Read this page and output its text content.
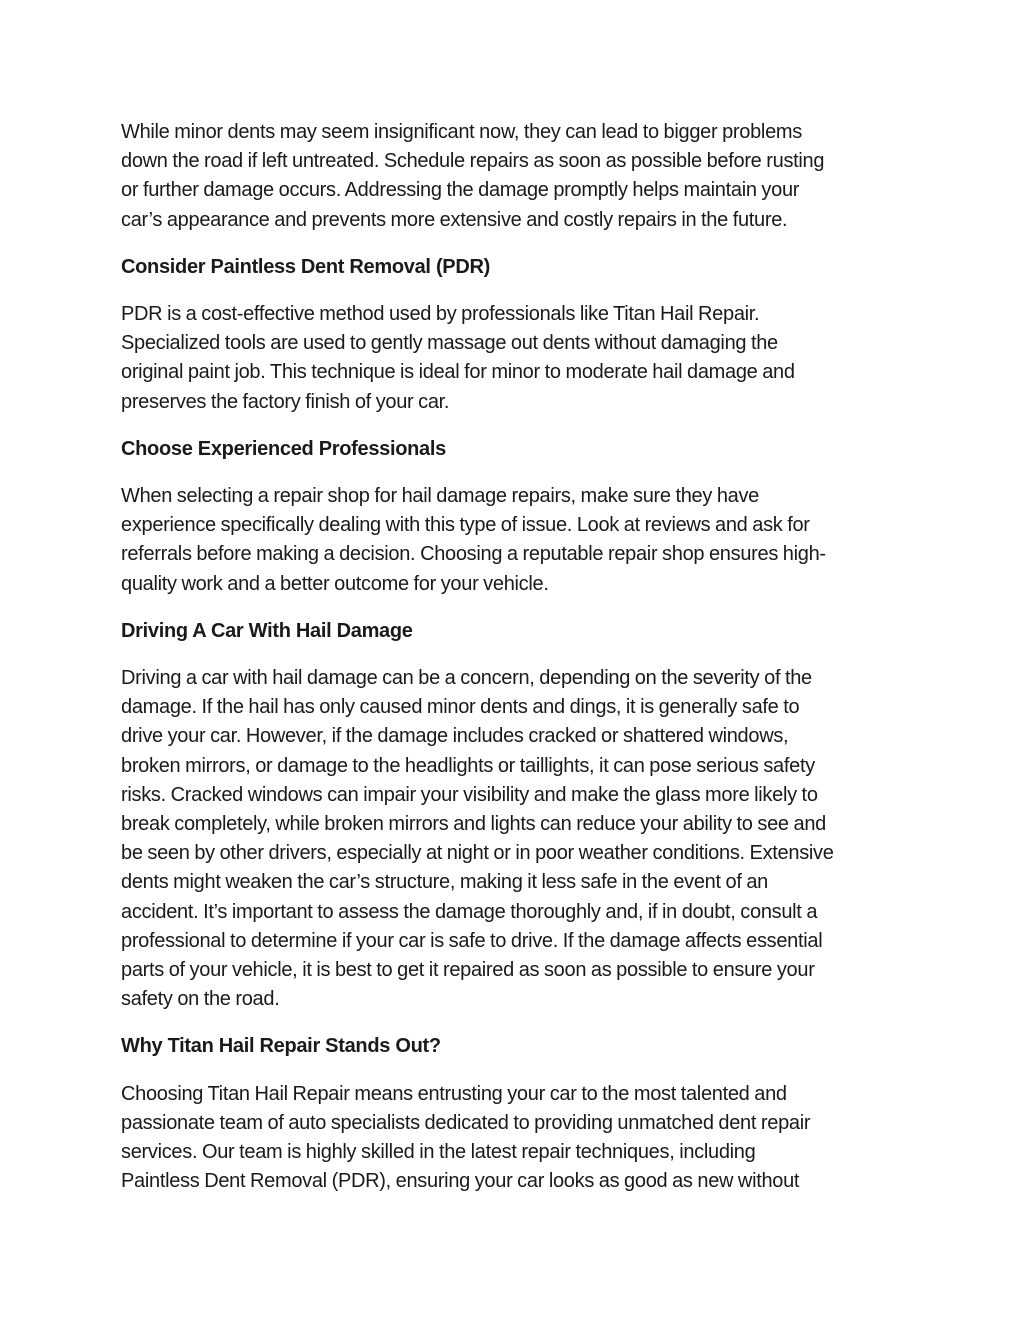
While minor dents may seem insignificant now, they can lead to bigger problems
down the road if left untreated. Schedule repairs as soon as possible before rusting
or further damage occurs. Addressing the damage promptly helps maintain your
car’s appearance and prevents more extensive and costly repairs in the future.

Consider Paintless Dent Removal (PDR)

PDR is a cost-effective method used by professionals like Titan Hail Repair.
Specialized tools are used to gently massage out dents without damaging the
original paint job. This technique is ideal for minor to moderate hail damage and
preserves the factory finish of your car.

Choose Experienced Professionals

When selecting a repair shop for hail damage repairs, make sure they have
experience specifically dealing with this type of issue. Look at reviews and ask for
referrals before making a decision. Choosing a reputable repair shop ensures high-
quality work and a better outcome for your vehicle.

Driving A Car With Hail Damage

Driving a car with hail damage can be a concern, depending on the severity of the
damage. If the hail has only caused minor dents and dings, it is generally safe to
drive your car. However, if the damage includes cracked or shattered windows,
broken mirrors, or damage to the headlights or taillights, it can pose serious safety
risks. Cracked windows can impair your visibility and make the glass more likely to
break completely, while broken mirrors and lights can reduce your ability to see and
be seen by other drivers, especially at night or in poor weather conditions. Extensive
dents might weaken the car’s structure, making it less safe in the event of an
accident. It’s important to assess the damage thoroughly and, if in doubt, consult a
professional to determine if your car is safe to drive. If the damage affects essential
parts of your vehicle, it is best to get it repaired as soon as possible to ensure your
safety on the road.

Why Titan Hail Repair Stands Out?

Choosing Titan Hail Repair means entrusting your car to the most talented and
passionate team of auto specialists dedicated to providing unmatched dent repair
services. Our team is highly skilled in the latest repair techniques, including
Paintless Dent Removal (PDR), ensuring your car looks as good as new without
